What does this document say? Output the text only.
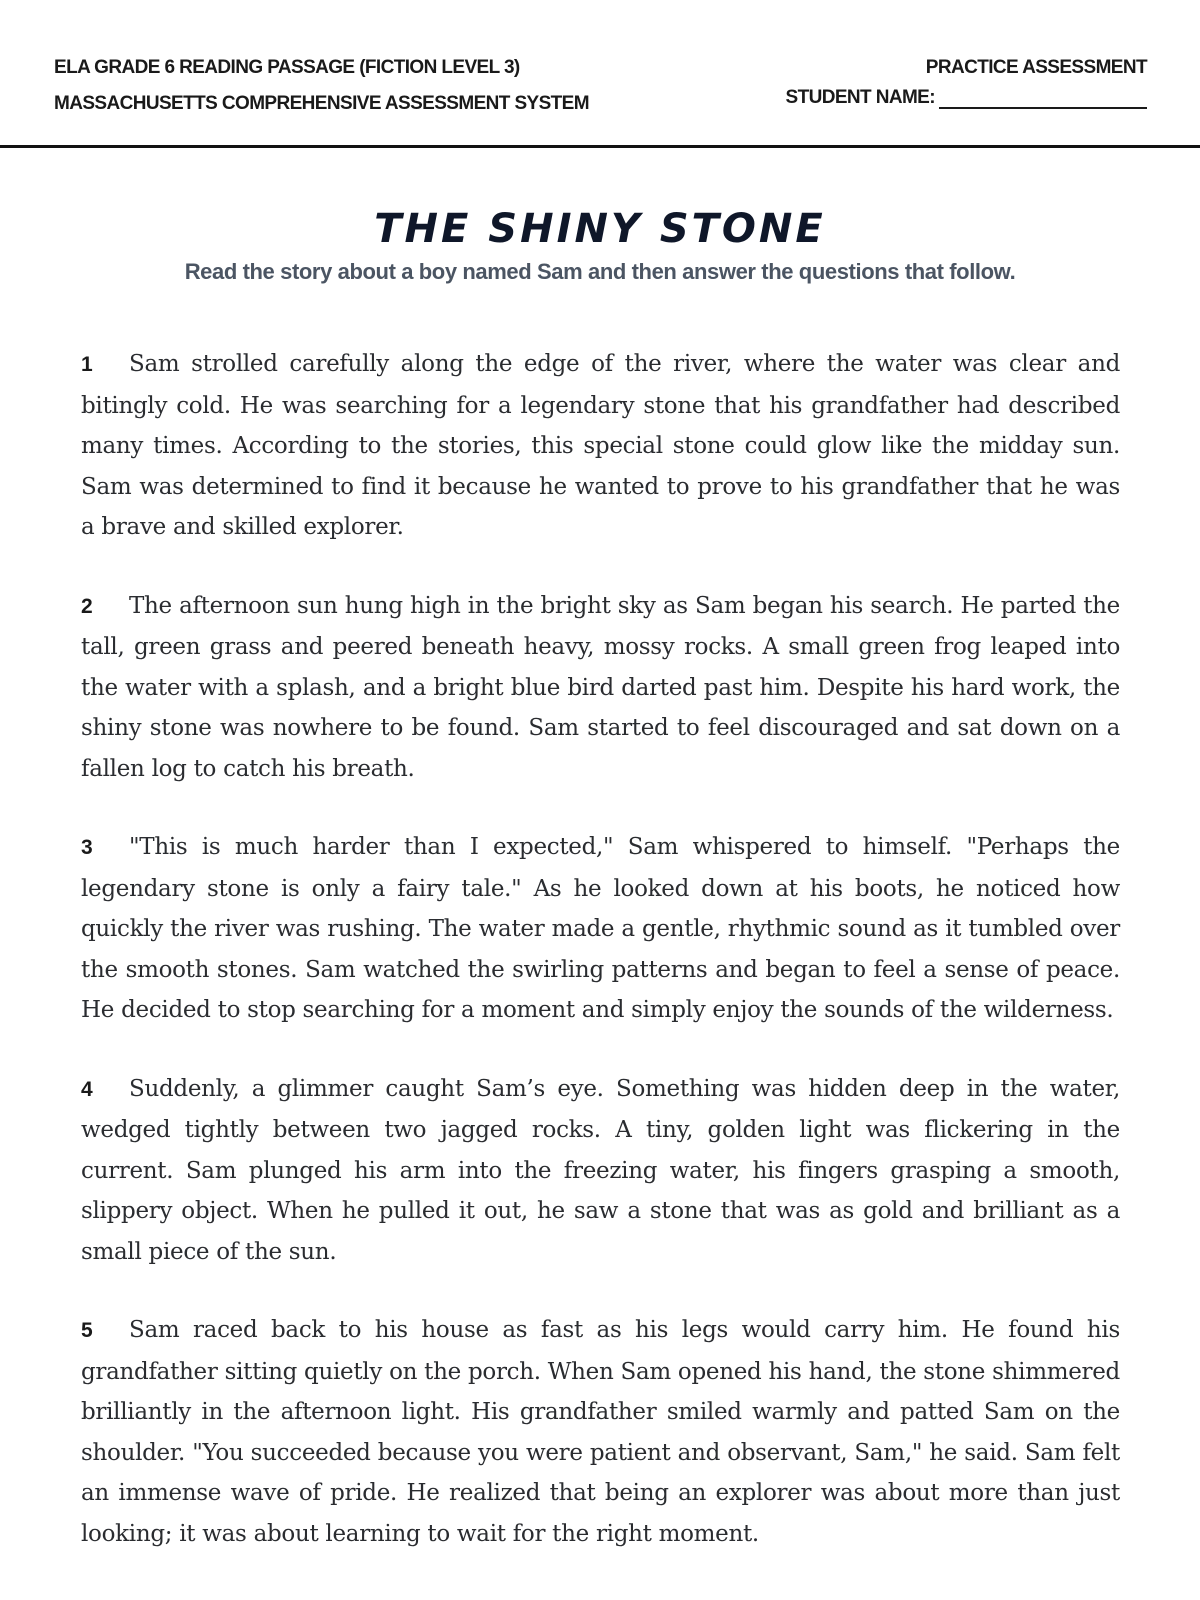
ELA GRADE 6 READING PASSAGE (FICTION LEVEL 3)
MASSACHUSETTS COMPREHENSIVE ASSESSMENT SYSTEM
PRACTICE ASSESSMENT
STUDENT NAME:
THE SHINY STONE
Read the story about a boy named Sam and then answer the questions that follow.

1 Sam strolled carefully along the edge of the river, where the water was clear and bitingly cold. He was searching for a legendary stone that his grandfather had described many times. According to the stories, this special stone could glow like the midday sun. Sam was determined to find it because he wanted to prove to his grandfather that he was a brave and skilled explorer.

2 The afternoon sun hung high in the bright sky as Sam began his search. He parted the tall, green grass and peered beneath heavy, mossy rocks. A small green frog leaped into the water with a splash, and a bright blue bird darted past him. Despite his hard work, the shiny stone was nowhere to be found. Sam started to feel discouraged and sat down on a fallen log to catch his breath.

3 "This is much harder than I expected," Sam whispered to himself. "Perhaps the legendary stone is only a fairy tale." As he looked down at his boots, he noticed how quickly the river was rushing. The water made a gentle, rhythmic sound as it tumbled over the smooth stones. Sam watched the swirling patterns and began to feel a sense of peace. He decided to stop searching for a moment and simply enjoy the sounds of the wilderness.

4 Suddenly, a glimmer caught Sam’s eye. Something was hidden deep in the water, wedged tightly between two jagged rocks. A tiny, golden light was flickering in the current. Sam plunged his arm into the freezing water, his fingers grasping a smooth, slippery object. When he pulled it out, he saw a stone that was as gold and brilliant as a small piece of the sun.

5 Sam raced back to his house as fast as his legs would carry him. He found his grandfather sitting quietly on the porch. When Sam opened his hand, the stone shimmered brilliantly in the afternoon light. His grandfather smiled warmly and patted Sam on the shoulder. "You succeeded because you were patient and observant, Sam," he said. Sam felt an immense wave of pride. He realized that being an explorer was about more than just looking; it was about learning to wait for the right moment.
